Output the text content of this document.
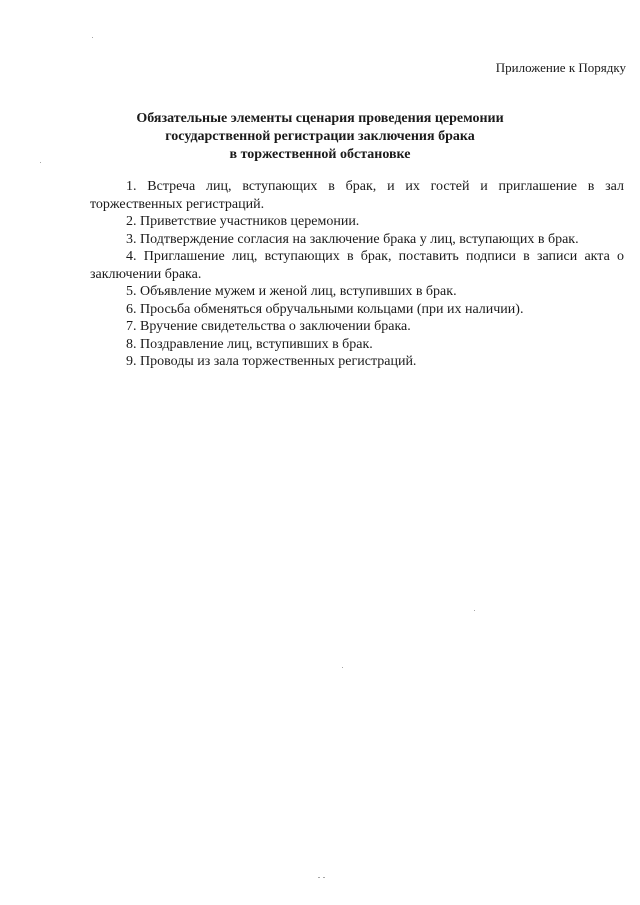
Приложение к Порядку
Обязательные элементы сценария проведения церемонии
государственной регистрации заключения брака
в торжественной обстановке

1. Встреча лиц, вступающих в брак, и их гостей и приглашение в зал торжественных регистраций.

2. Приветствие участников церемонии.

3. Подтверждение согласия на заключение брака у лиц, вступающих в брак.

4. Приглашение лиц, вступающих в брак, поставить подписи в записи акта о заключении брака.

5. Объявление мужем и женой лиц, вступивших в брак.

6. Просьба обменяться обручальными кольцами (при их наличии).

7. Вручение свидетельства о заключении брака.

8. Поздравление лиц, вступивших в брак.

9. Проводы из зала торжественных регистраций.
